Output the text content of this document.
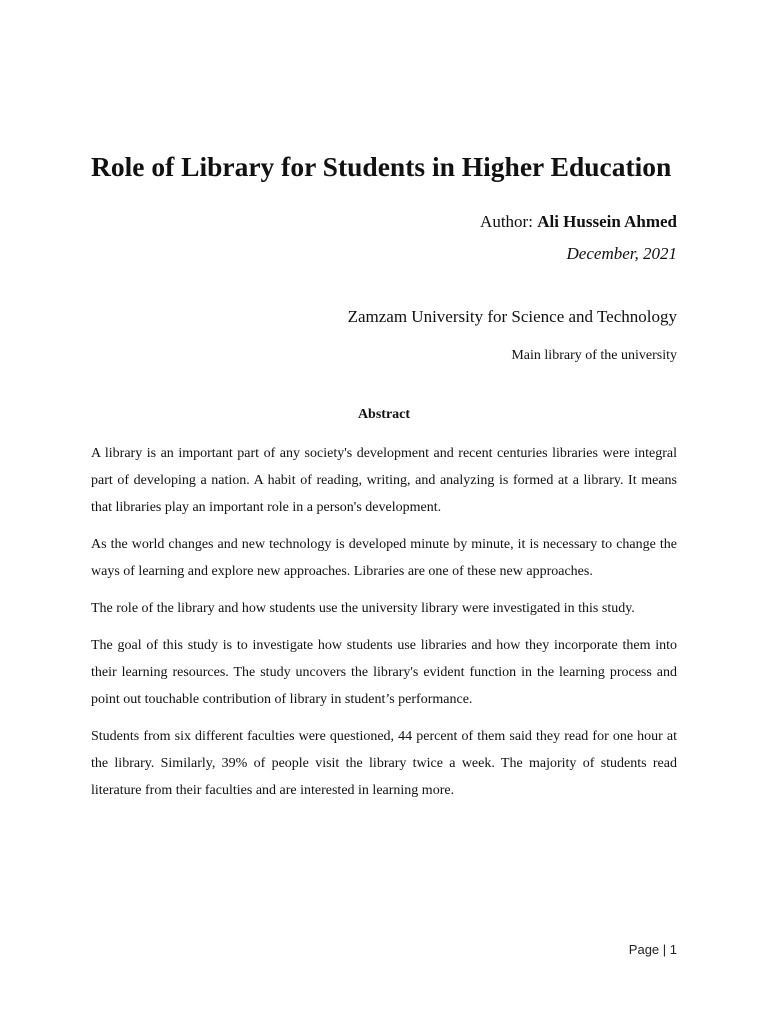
Role of Library for Students in Higher Education
Author: Ali Hussein Ahmed
December, 2021
Zamzam University for Science and Technology
Main library of the university
Abstract

A library is an important part of any society's development and recent centuries libraries were integral part of developing a nation. A habit of reading, writing, and analyzing is formed at a library. It means that libraries play an important role in a person's development.

As the world changes and new technology is developed minute by minute, it is necessary to change the ways of learning and explore new approaches. Libraries are one of these new approaches.

The role of the library and how students use the university library were investigated in this study.

The goal of this study is to investigate how students use libraries and how they incorporate them into their learning resources. The study uncovers the library's evident function in the learning process and point out touchable contribution of library in student’s performance.

Students from six different faculties were questioned, 44 percent of them said they read for one hour at the library. Similarly, 39% of people visit the library twice a week. The majority of students read literature from their faculties and are interested in learning more.

Page | 1
